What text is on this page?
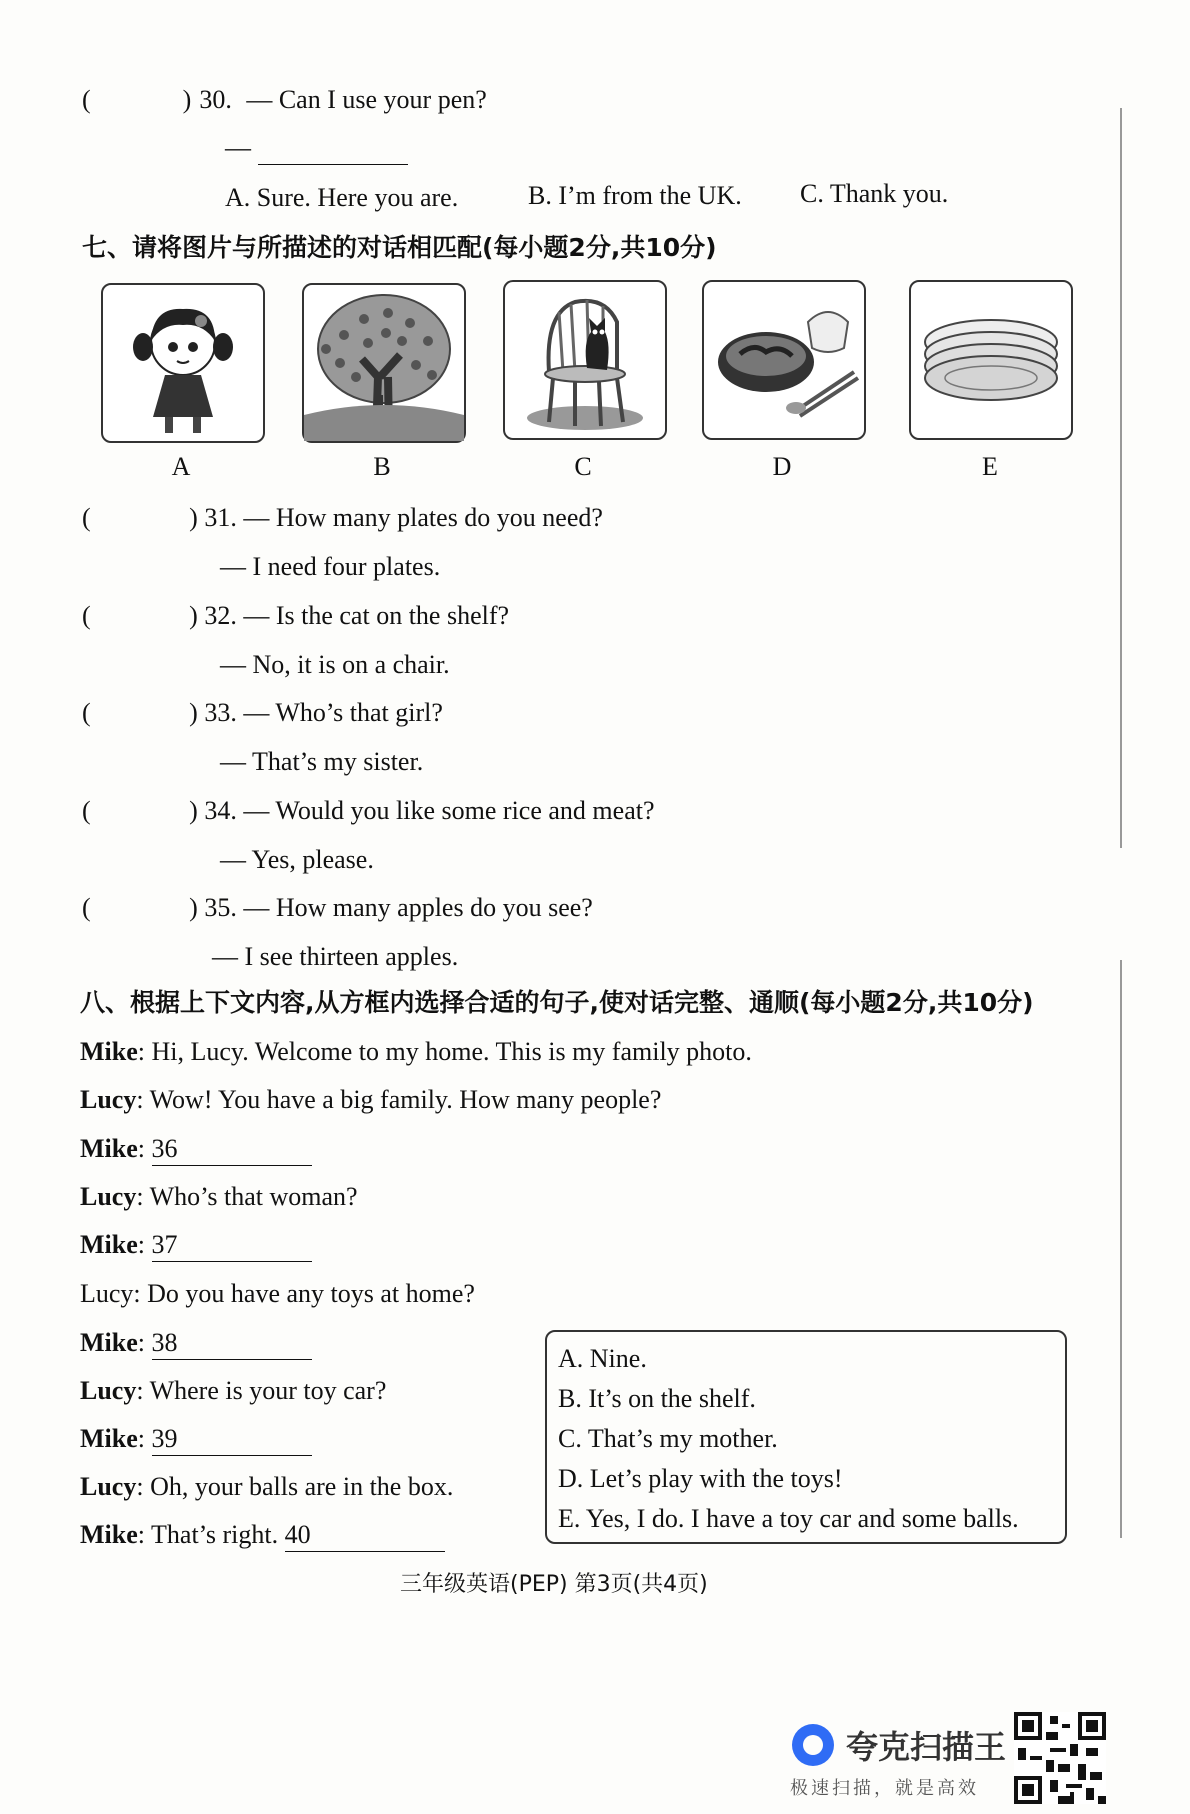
(	) 30. — Can I use your pen?
—
A. Sure. Here you are.	B. I’m from the UK. C. Thank you.
七、请将图片与所描述的对话相匹配(每小题2分,共10分)
A	B	C	D	E
(	) 31. — How many plates do you need?
— I need four plates.
(	) 32. — Is the cat on the shelf?
— No, it is on a chair.
(	) 33. — Who’s that girl?
— That’s my sister.
(	) 34. — Would you like some rice and meat?
— Yes, please.
(	) 35. — How many apples do you see?
— I see thirteen apples.
八、根据上下文内容,从方框内选择合适的句子,使对话完整、通顺(每小题2分,共10分)
Mike: Hi, Lucy. Welcome to my home. This is my family photo.
Lucy: Wow! You have a big family. How many people?
Mike: 36
Lucy: Who’s that woman?
Mike: 37
Lucy: Do you have any toys at home?
Mike: 38
Lucy: Where is your toy car?
Mike: 39
Lucy: Oh, your balls are in the box.
Mike: That’s right. 40
A. Nine.
B. It’s on the shelf.
C. That’s my mother.
D. Let’s play with the toys!
E. Yes, I do. I have a toy car and some balls.
三年级英语(PEP) 第3页(共4页)
夸克扫描王
极速扫描，就是高效
